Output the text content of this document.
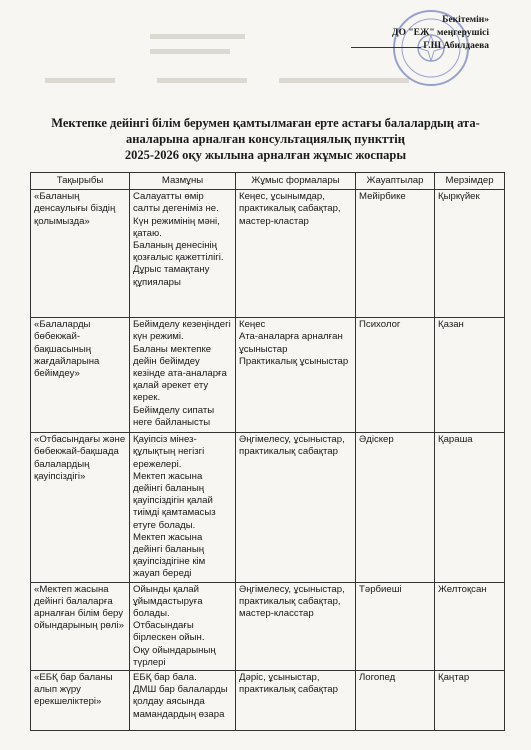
Бекітемін»
ДО "ЕЖ" меңгерушісі
Г.Ш Абилдаева
Мектепке дейінгі білім берумен қамтылмаған ерте астағы балалардың ата-
аналарына арналған консультациялық пункттің
2025-2026 оқу жылына арналған жұмыс жоспары
Тақырыбы	Мазмұны	Жұмыс формалары	Жауаптылар	Мерзімдер

«Баланың денсаулығы біздің қолымызда»	Салауатты өмір салты дегеніміз не.
Күн режимінің мәні, қатаю.
Баланың денесінің қозғалыс қажеттілігі.
Дұрыс тамақтану құпиялары	Кеңес, ұсынымдар, практикалық сабақтар, мастер-кластар	Мейірбике	Қыркүйек

«Балаларды бөбекжай-бақшасының жағдайларына бейімдеу»	Бейімделу кезеңіндегі күн режимі.
Баланы мектепке дейін бейімдеу кезінде ата-аналарға қалай әрекет ету керек.
Бейімделу сипаты неге байланысты	Кеңес
Ата-аналарға арналған ұсыныстар
Практикалық ұсыныстар	Психолог	Қазан

«Отбасындағы және бөбекжай-бақшада балалардың қауіпсіздігі»	Қауіпсіз мінез-құлықтың негізгі ережелері.
Мектеп жасына дейінгі баланың қауіпсіздігін қалай тиімді қамтамасыз етуге болады.
Мектеп жасына дейінгі баланың қауіпсіздігіне кім жауап береді	Әңгімелесу, ұсыныстар, практикалық сабақтар	Әдіскер	Қараша

«Мектеп жасына дейінгі балаларға арналған білім беру ойындарының рөлі»	Ойынды қалай ұйымдастыруға болады.
Отбасындағы бірлескен ойын.
Оқу ойындарының түрлері	Әңгімелесу, ұсыныстар, практикалық сабақтар, мастер-класстар	Тәрбиеші	Желтоқсан

«ЕБҚ бар баланы алып жүру ерекшеліктері»	ЕБҚ бар бала.
ДМШ бар балаларды қолдау аясында мамандардың өзара	Дәріс, ұсыныстар, практикалық сабақтар	Логопед	Қаңтар
